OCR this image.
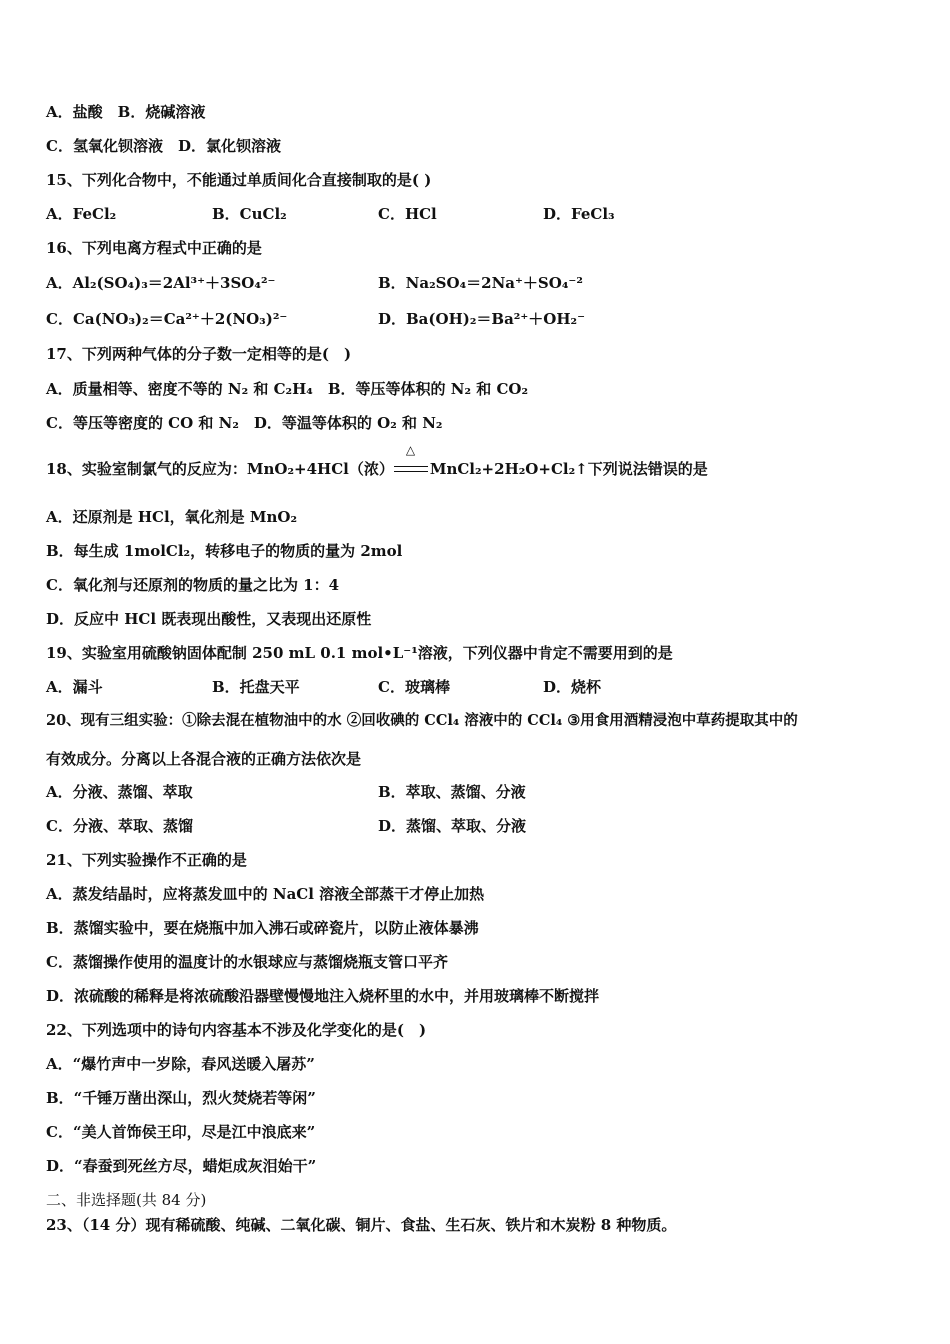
A．盐酸　B．烧碱溶液
C．氢氧化钡溶液　D．氯化钡溶液
15、下列化合物中，不能通过单质间化合直接制取的是( )
A．FeCl₂	B．CuCl₂	C．HCl	D．FeCl₃
16、下列电离方程式中正确的是
A．Al₂(SO₄)₃＝2Al³⁺＋3SO₄²⁻	B．Na₂SO₄＝2Na⁺＋SO₄⁻²
C．Ca(NO₃)₂＝Ca²⁺＋2(NO₃)²⁻	D．Ba(OH)₂＝Ba²⁺＋OH₂⁻
17、下列两种气体的分子数一定相等的是(　)
A．质量相等、密度不等的 N₂ 和 C₂H₄　B．等压等体积的 N₂ 和 CO₂
C．等压等密度的 CO 和 N₂　D．等温等体积的 O₂ 和 N₂
18、实验室制氯气的反应为：MnO₂+4HCl（浓）
△
MnCl₂+2H₂O+Cl₂↑下列说法错误的是
A．还原剂是 HCl，氧化剂是 MnO₂
B．每生成 1molCl₂，转移电子的物质的量为 2mol
C．氧化剂与还原剂的物质的量之比为 1：4
D．反应中 HCl 既表现出酸性，又表现出还原性
19、实验室用硫酸钠固体配制 250 mL 0.1 mol•L⁻¹溶液，下列仪器中肯定不需要用到的是
A．漏斗	B．托盘天平	C．玻璃棒	D．烧杯
20、现有三组实验：①除去混在植物油中的水 ②回收碘的 CCl₄ 溶液中的 CCl₄ ③用食用酒精浸泡中草药提取其中的
有效成分。分离以上各混合液的正确方法依次是
A．分液、蒸馏、萃取	B．萃取、蒸馏、分液
C．分液、萃取、蒸馏	D．蒸馏、萃取、分液
21、下列实验操作不正确的是
A．蒸发结晶时，应将蒸发皿中的 NaCl 溶液全部蒸干才停止加热
B．蒸馏实验中，要在烧瓶中加入沸石或碎瓷片，以防止液体暴沸
C．蒸馏操作使用的温度计的水银球应与蒸馏烧瓶支管口平齐
D．浓硫酸的稀释是将浓硫酸沿器壁慢慢地注入烧杯里的水中，并用玻璃棒不断搅拌
22、下列选项中的诗句内容基本不涉及化学变化的是(　)
A．“爆竹声中一岁除，春风送暖入屠苏”
B．“千锤万凿出深山，烈火焚烧若等闲”
C．“美人首饰侯王印，尽是江中浪底来”
D．“春蚕到死丝方尽，蜡炬成灰泪始干”
二、非选择题(共 84 分)
23、（14 分）现有稀硫酸、纯碱、二氧化碳、铜片、食盐、生石灰、铁片和木炭粉 8 种物质。
